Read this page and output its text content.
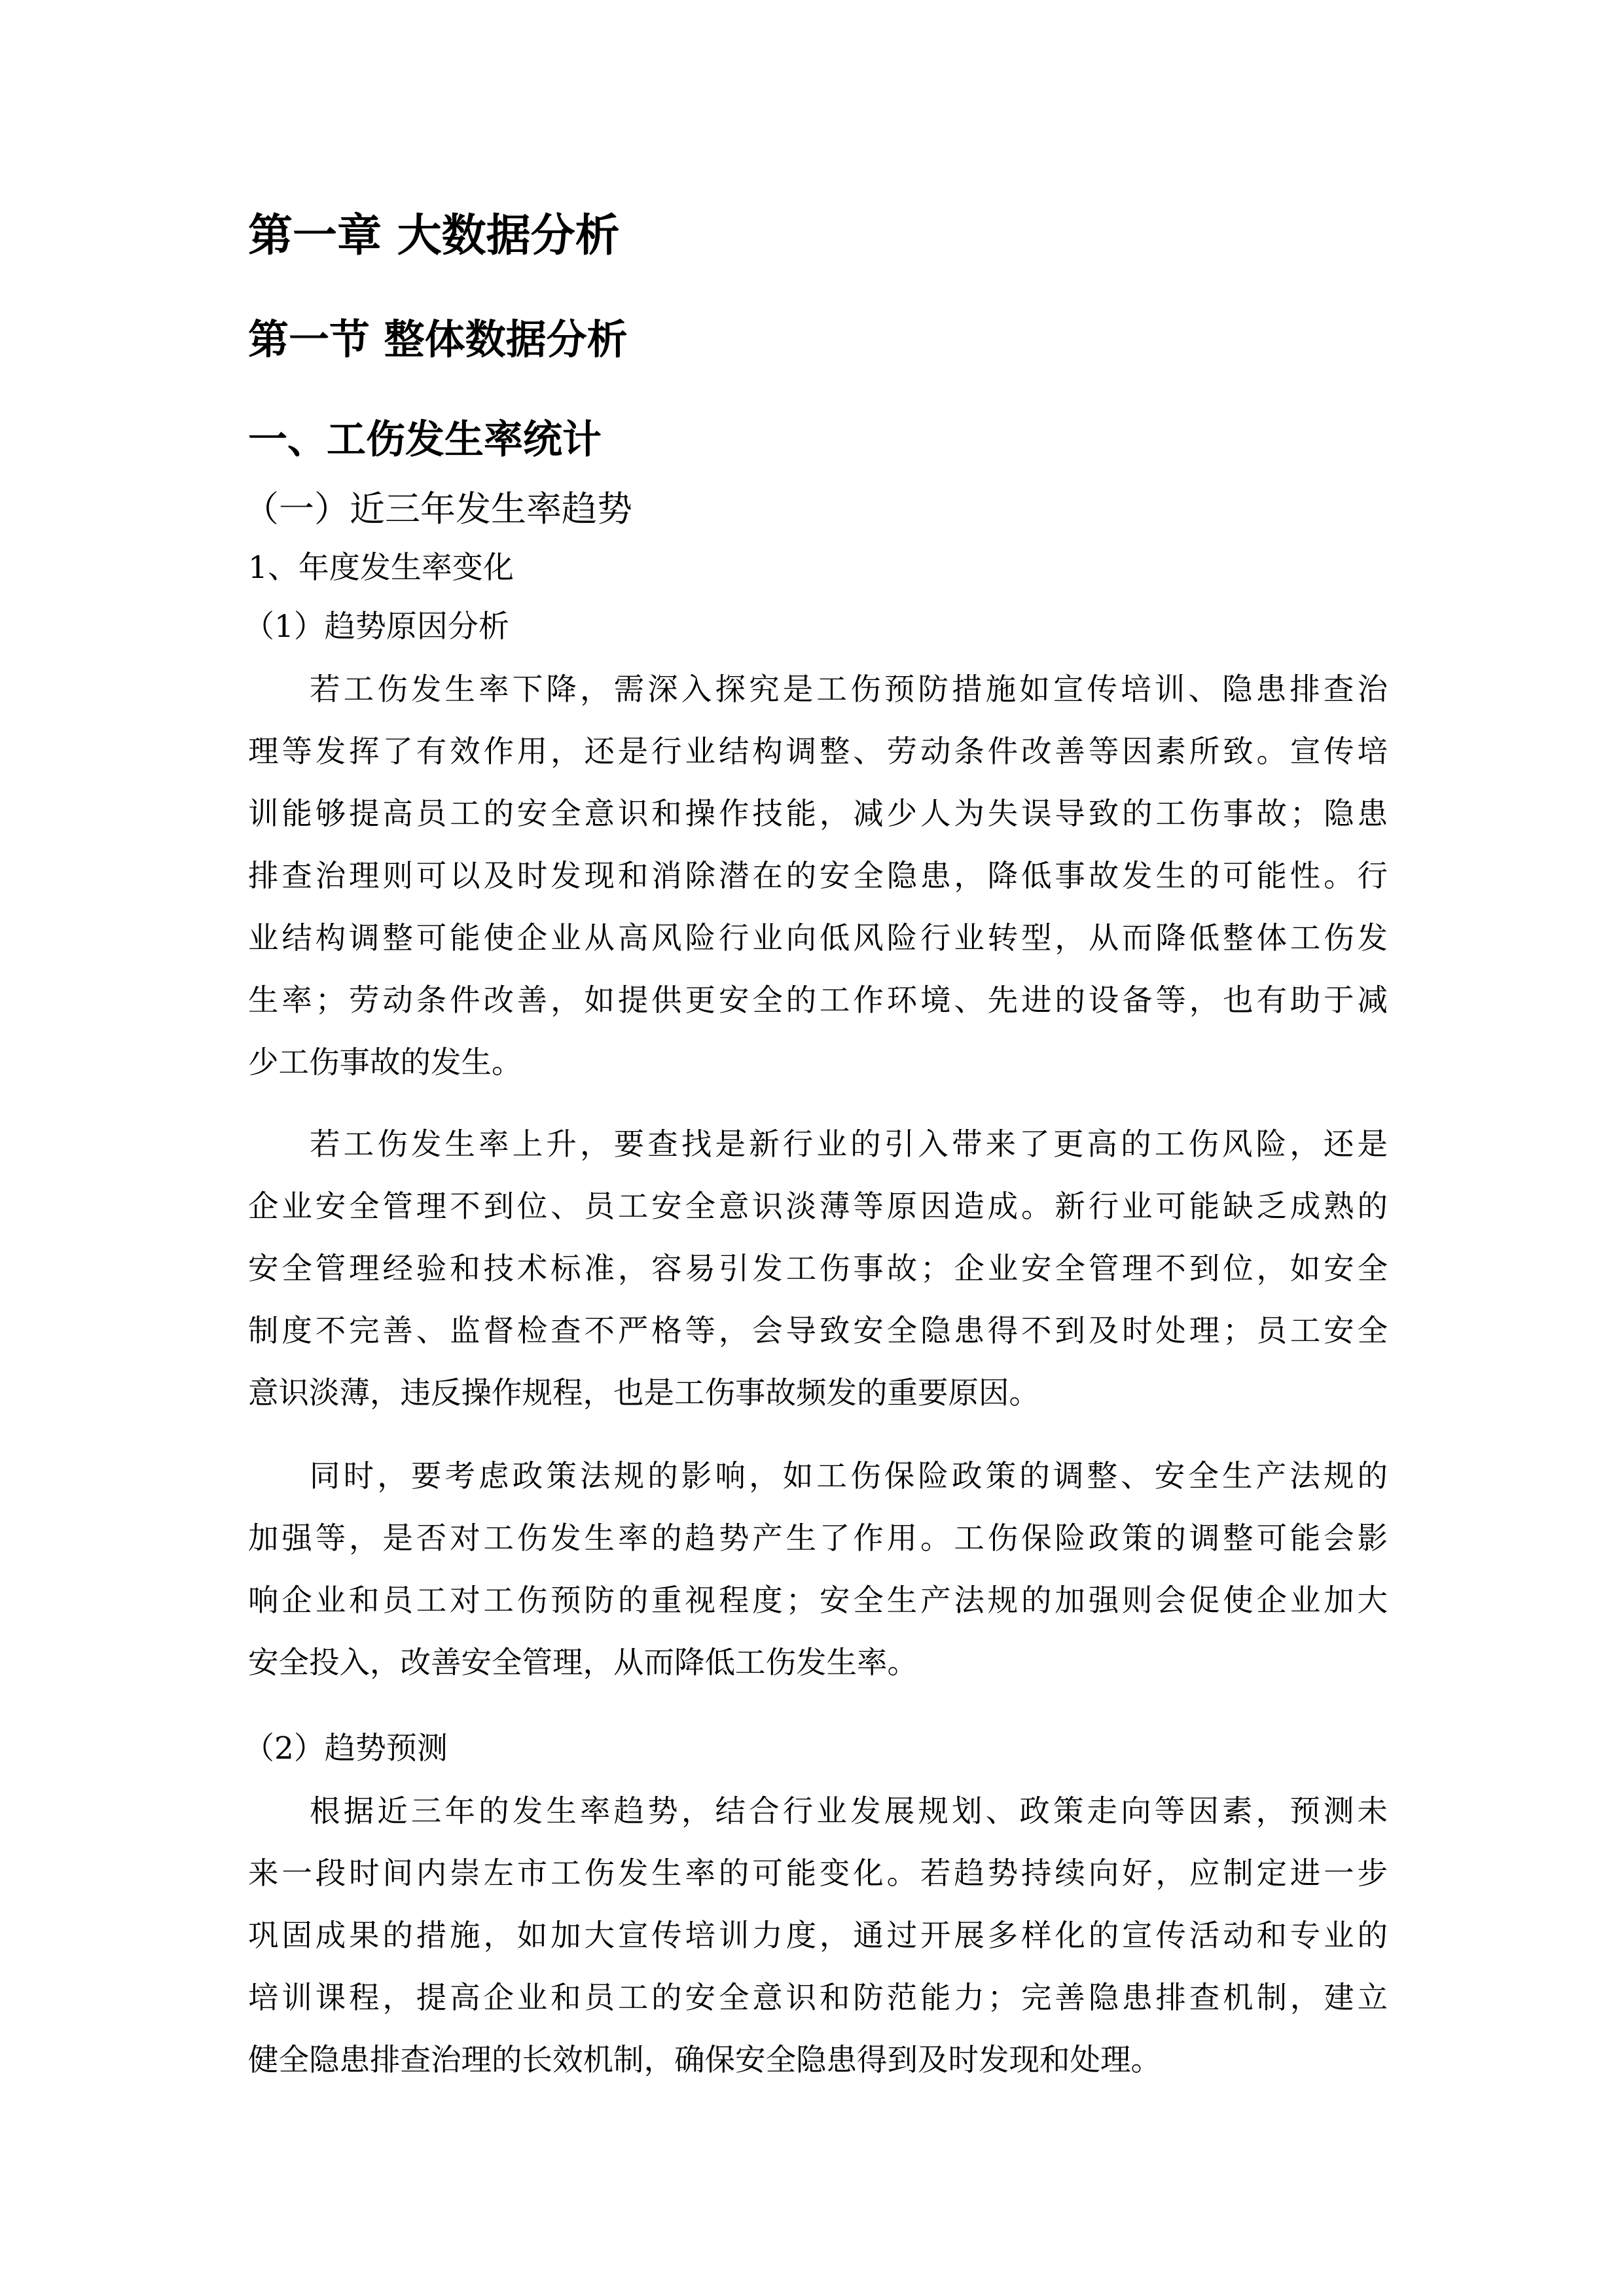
第一章 大数据分析
第一节 整体数据分析
一、工伤发生率统计
（一）近三年发生率趋势
1、年度发生率变化
（1）趋势原因分析
若工伤发生率下降，需深入探究是工伤预防措施如宣传培训、隐患排查治
理等发挥了有效作用，还是行业结构调整、劳动条件改善等因素所致。宣传培
训能够提高员工的安全意识和操作技能，减少人为失误导致的工伤事故；隐患
排查治理则可以及时发现和消除潜在的安全隐患，降低事故发生的可能性。行
业结构调整可能使企业从高风险行业向低风险行业转型，从而降低整体工伤发
生率；劳动条件改善，如提供更安全的工作环境、先进的设备等，也有助于减
少工伤事故的发生。
若工伤发生率上升，要查找是新行业的引入带来了更高的工伤风险，还是
企业安全管理不到位、员工安全意识淡薄等原因造成。新行业可能缺乏成熟的
安全管理经验和技术标准，容易引发工伤事故；企业安全管理不到位，如安全
制度不完善、监督检查不严格等，会导致安全隐患得不到及时处理；员工安全
意识淡薄，违反操作规程，也是工伤事故频发的重要原因。
同时，要考虑政策法规的影响，如工伤保险政策的调整、安全生产法规的
加强等，是否对工伤发生率的趋势产生了作用。工伤保险政策的调整可能会影
响企业和员工对工伤预防的重视程度；安全生产法规的加强则会促使企业加大
安全投入，改善安全管理，从而降低工伤发生率。
（2）趋势预测
根据近三年的发生率趋势，结合行业发展规划、政策走向等因素，预测未
来一段时间内崇左市工伤发生率的可能变化。若趋势持续向好，应制定进一步
巩固成果的措施，如加大宣传培训力度，通过开展多样化的宣传活动和专业的
培训课程，提高企业和员工的安全意识和防范能力；完善隐患排查机制，建立
健全隐患排查治理的长效机制，确保安全隐患得到及时发现和处理。
